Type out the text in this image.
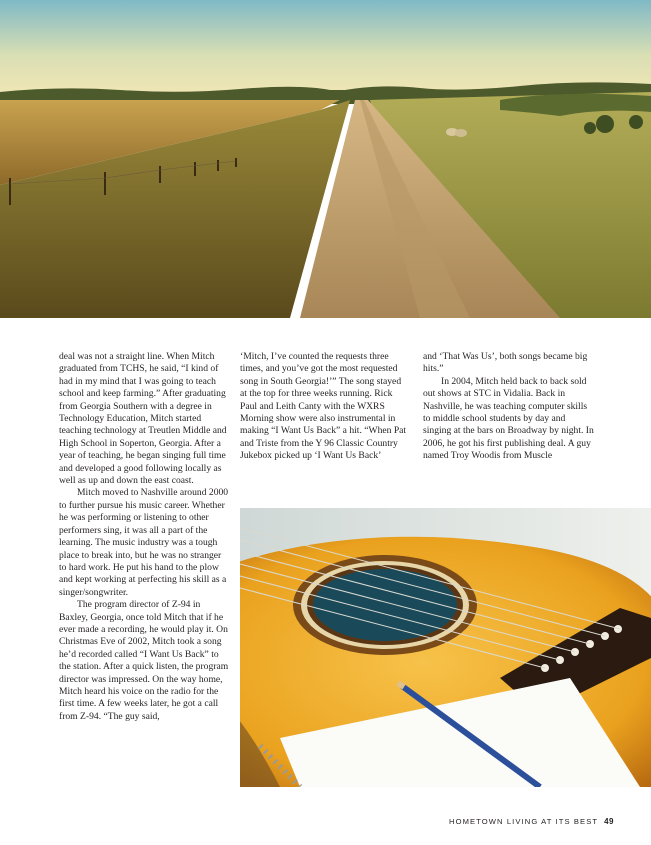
deal was not a straight line. When Mitch graduated from TCHS, he said, “I kind of had in my mind that I was going to teach school and keep farming.” After graduating from Georgia Southern with a degree in Technology Education, Mitch started teaching technology at Treutlen Middle and High School in Soperton, Georgia. After a year of teaching, he began singing full time and developed a good following locally as well as up and down the east coast.

Mitch moved to Nashville around 2000 to further pursue his music career. Whether he was performing or listening to other performers sing, it was all a part of the learning. The music industry was a tough place to break into, but he was no stranger to hard work. He put his hand to the plow and kept working at perfecting his skill as a singer/songwriter.

The program director of Z-94 in Baxley, Georgia, once told Mitch that if he ever made a recording, he would play it. On Christmas Eve of 2002, Mitch took a song he’d recorded called “I Want Us Back” to the station. After a quick listen, the program director was impressed. On the way home, Mitch heard his voice on the radio for the first time. A few weeks later, he got a call from Z-94. “The guy said,

‘Mitch, I’ve counted the requests three times, and you’ve got the most requested song in South Georgia!’” The song stayed at the top for three weeks running. Rick Paul and Leith Canty with the WXRS Morning show were also instrumental in making “I Want Us Back” a hit. “When Pat and Triste from the Y 96 Classic Country Jukebox picked up ‘I Want Us Back’

and ‘That Was Us’, both songs became big hits.”

In 2004, Mitch held back to back sold out shows at STC in Vidalia. Back in Nashville, he was teaching computer skills to middle school students by day and singing at the bars on Broadway by night. In 2006, he got his first publishing deal. A guy named Troy Woodis from Muscle

HOMETOWN LIVING AT ITS BEST 49
